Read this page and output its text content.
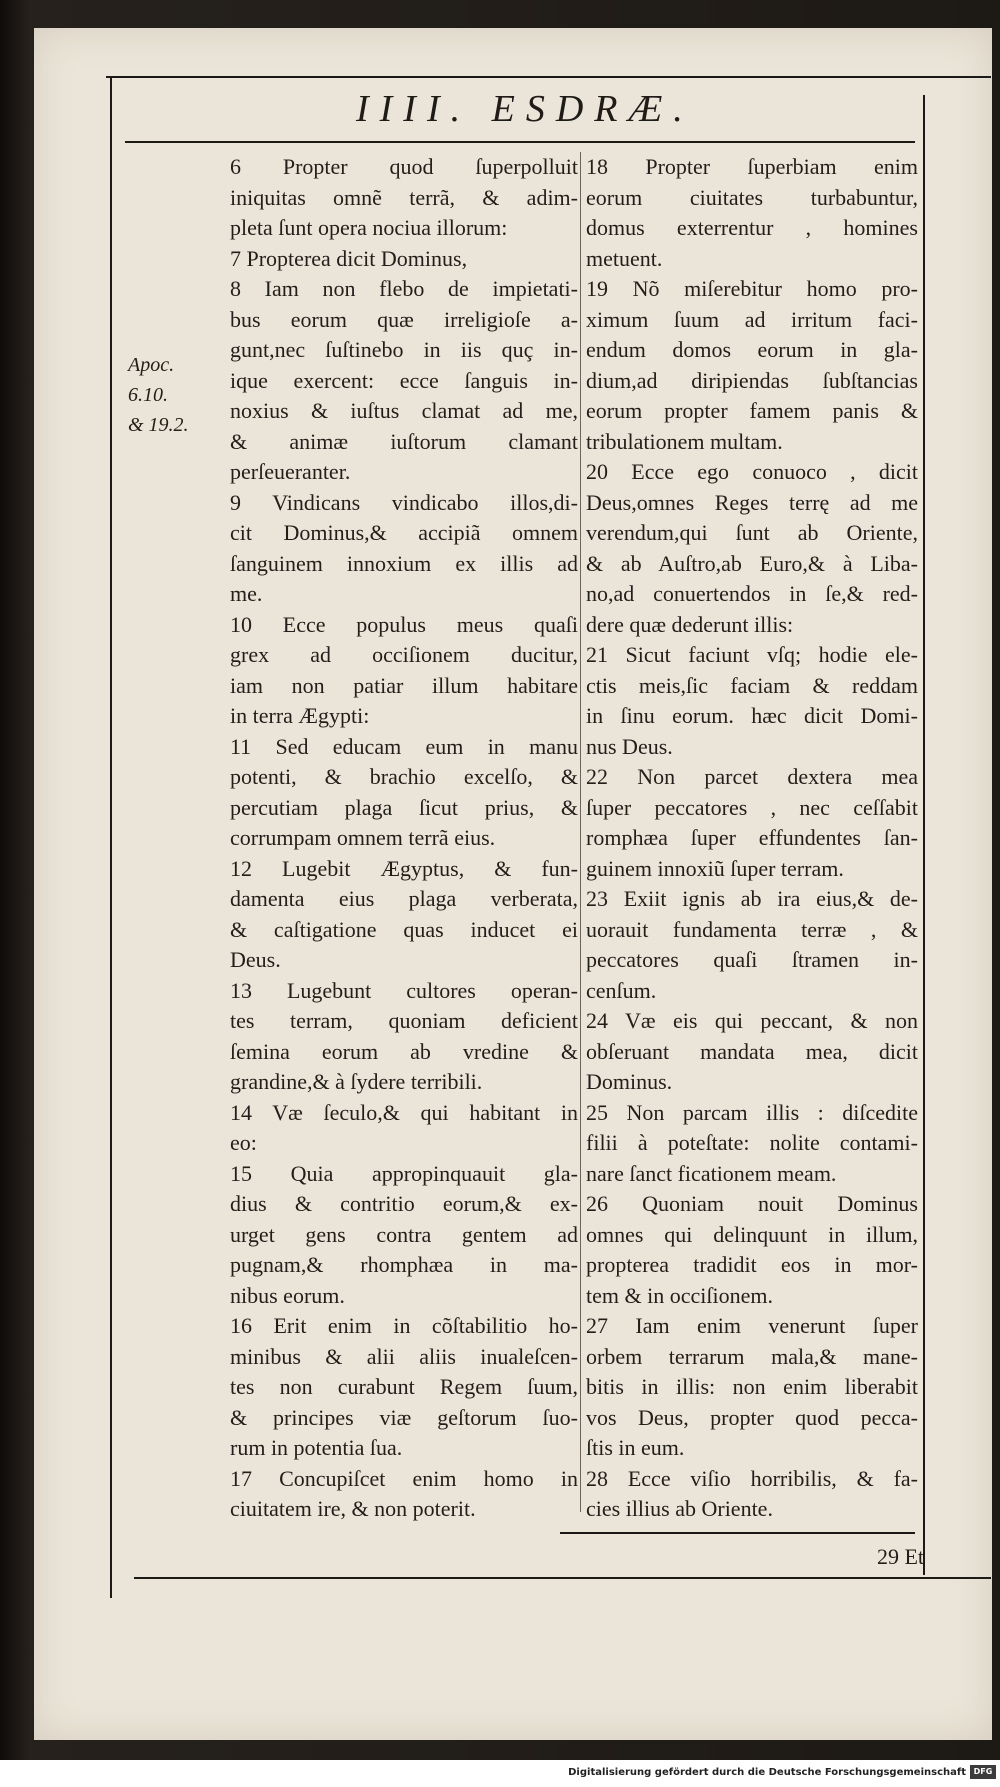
IIII. ESDRÆ.
Apoc.
6.10.
& 19.2.
6 Propter quod ſuperpolluit
iniquitas omnẽ terrã, & adim-
pleta ſunt opera nociua illorum:
7 Propterea dicit Dominus,
8 Iam non flebo de impietati-
bus eorum quæ irreligioſe a-
gunt,nec ſuſtinebo in iis quç in-
ique exercent: ecce ſanguis in-
noxius & iuſtus clamat ad me,
& animæ iuſtorum clamant
perſeueranter.
9 Vindicans vindicabo illos,di-
cit Dominus,& accipiã omnem
ſanguinem innoxium ex illis ad
me.
10 Ecce populus meus quaſi
grex ad occiſionem ducitur,
iam non patiar illum habitare
in terra Ægypti:
11 Sed educam eum in manu
potenti, & brachio excelſo, &
percutiam plaga ſicut prius, &
corrumpam omnem terrã eius.
12 Lugebit Ægyptus, & fun-
damenta eius plaga verberata,
& caſtigatione quas inducet ei
Deus.
13 Lugebunt cultores operan-
tes terram, quoniam deficient
ſemina eorum ab vredine &
grandine,& à ſydere terribili.
14 Væ ſeculo,& qui habitant in
eo:
15 Quia appropinquauit gla-
dius & contritio eorum,& ex-
urget gens contra gentem ad
pugnam,& rhomphæa in ma-
nibus eorum.
16 Erit enim in cõſtabilitio ho-
minibus & alii aliis inualeſcen-
tes non curabunt Regem ſuum,
& principes viæ geſtorum ſuo-
rum in potentia ſua.
17 Concupiſcet enim homo in
ciuitatem ire, & non poterit.
18 Propter ſuperbiam enim
eorum ciuitates turbabuntur,
domus exterrentur , homines
metuent.
19 Nõ miſerebitur homo pro-
ximum ſuum ad irritum faci-
endum domos eorum in gla-
dium,ad diripiendas ſubſtancias
eorum propter famem panis &
tribulationem multam.
20 Ecce ego conuoco , dicit
Deus,omnes Reges terrę ad me
verendum,qui ſunt ab Oriente,
& ab Auſtro,ab Euro,& à Liba-
no,ad conuertendos in ſe,& red-
dere quæ dederunt illis:
21 Sicut faciunt vſq; hodie ele-
ctis meis,ſic faciam & reddam
in ſinu eorum. hæc dicit Domi-
nus Deus.
22 Non parcet dextera mea
ſuper peccatores , nec ceſſabit
romphæa ſuper effundentes ſan-
guinem innoxiũ ſuper terram.
23 Exiit ignis ab ira eius,& de-
uorauit fundamenta terræ , &
peccatores quaſi ſtramen in-
cenſum.
24 Væ eis qui peccant, & non
obſeruant mandata mea, dicit
Dominus.
25 Non parcam illis : diſcedite
filii à poteſtate: nolite contami-
nare ſanct ficationem meam.
26 Quoniam nouit Dominus
omnes qui delinquunt in illum,
propterea tradidit eos in mor-
tem & in occiſionem.
27 Iam enim venerunt ſuper
orbem terrarum mala,& mane-
bitis in illis: non enim liberabit
vos Deus, propter quod pecca-
ſtis in eum.
28 Ecce viſio horribilis, & fa-
cies illius ab Oriente.
29 Et
Digitalisierung gefördert durch die Deutsche Forschungsgemeinschaft DFG
